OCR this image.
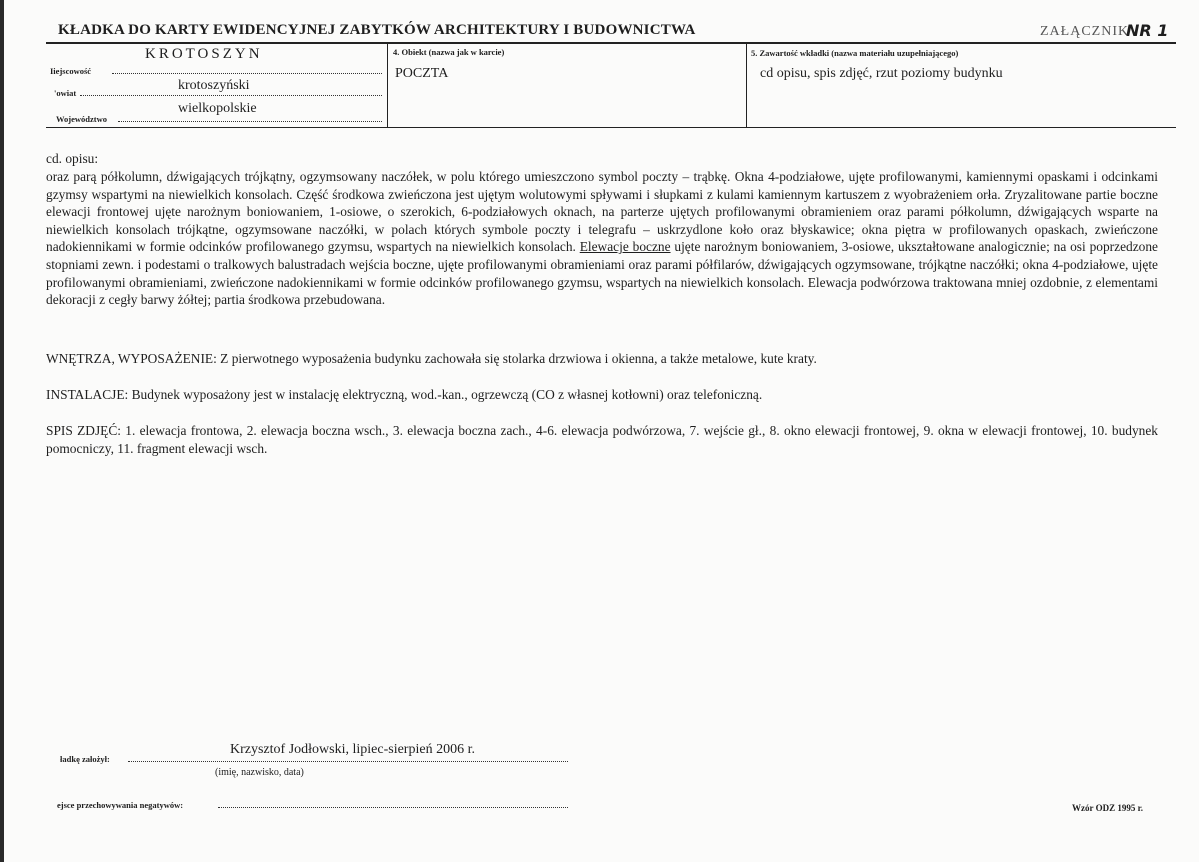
KŁADKA DO KARTY EWIDENCYJNEJ ZABYTKÓW ARCHITEKTURY I BUDOWNICTWA	ZAŁĄCZNIK
NR 1
KROTOSZYN
Iiejscowość
krotoszyński
'owiat
wielkopolskie
Województwo
4. Obiekt (nazwa jak w karcie)
POCZTA
5. Zawartość wkładki (nazwa materiału uzupełniającego)
cd opisu, spis zdjęć, rzut poziomy budynku
cd. opisu:
oraz parą półkolumn, dźwigających trójkątny, ogzymsowany naczółek, w polu którego umieszczono symbol poczty – trąbkę. Okna 4-podziałowe, ujęte profilowanymi, kamiennymi opaskami i odcinkami gzymsy wspartymi na niewielkich konsolach. Część środkowa zwieńczona jest ujętym wolutowymi spływami i słupkami z kulami kamiennym kartuszem z wyobrażeniem orła. Zryzalitowane partie boczne elewacji frontowej ujęte narożnym boniowaniem, 1-osiowe, o szerokich, 6-podziałowych oknach, na parterze ujętych profilowanymi obramieniem oraz parami półkolumn, dźwigających wsparte na niewielkich konsolach trójkątne, ogzymsowane naczółki, w polach których symbole poczty i telegrafu – uskrzydlone koło oraz błyskawice; okna piętra w profilowanych opaskach, zwieńczone nadokiennikami w formie odcinków profilowanego gzymsu, wspartych na niewielkich konsolach. Elewacje boczne ujęte narożnym boniowaniem, 3-osiowe, ukształtowane analogicznie; na osi poprzedzone stopniami zewn. i podestami o tralkowych balustradach wejścia boczne, ujęte profilowanymi obramieniami oraz parami półfilarów, dźwigających ogzymsowane, trójkątne naczółki; okna 4-podziałowe, ujęte profilowanymi obramieniami, zwieńczone nadokiennikami w formie odcinków profilowanego gzymsu, wspartych na niewielkich konsolach. Elewacja podwórzowa traktowana mniej ozdobnie, z elementami dekoracji z cegły barwy żółtej; partia środkowa przebudowana.
WNĘTRZA, WYPOSAŻENIE: Z pierwotnego wyposażenia budynku zachowała się stolarka drzwiowa i okienna, a także metalowe, kute kraty.
INSTALACJE: Budynek wyposażony jest w instalację elektryczną, wod.-kan., ogrzewczą (CO z własnej kotłowni) oraz telefoniczną.
SPIS ZDJĘĆ: 1. elewacja frontowa, 2. elewacja boczna wsch., 3. elewacja boczna zach., 4-6. elewacja podwórzowa, 7. wejście gł., 8. okno elewacji frontowej, 9. okna w elewacji frontowej, 10. budynek pomocniczy, 11. fragment elewacji wsch.
Krzysztof Jodłowski, lipiec-sierpień 2006 r.
ładkę założył:
(imię, nazwisko, data)
ejsce przechowywania negatywów:	Wzór ODZ 1995 r.
